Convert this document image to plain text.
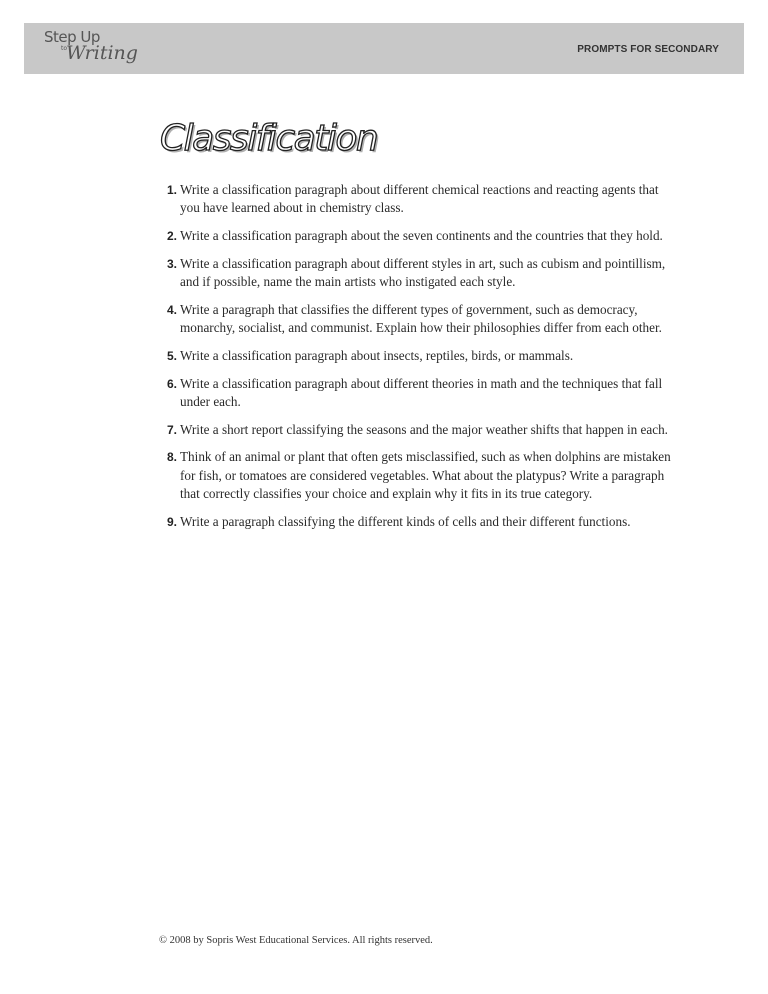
Step Up
to
Writing	PROMPTS FOR SECONDARY
Classification
1. Write a classification paragraph about different chemical reactions and reacting agents that you have learned about in chemistry class.
2. Write a classification paragraph about the seven continents and the countries that they hold.
3. Write a classification paragraph about different styles in art, such as cubism and pointillism, and if possible, name the main artists who instigated each style.
4. Write a paragraph that classifies the different types of government, such as democracy, monarchy, socialist, and communist. Explain how their philosophies differ from each other.
5. Write a classification paragraph about insects, reptiles, birds, or mammals.
6. Write a classification paragraph about different theories in math and the techniques that fall under each.
7. Write a short report classifying the seasons and the major weather shifts that happen in each.
8. Think of an animal or plant that often gets misclassified, such as when dolphins are mistaken for fish, or tomatoes are considered vegetables. What about the platypus? Write a paragraph that correctly classifies your choice and explain why it fits in its true category.
9. Write a paragraph classifying the different kinds of cells and their different functions.
© 2008 by Sopris West Educational Services. All rights reserved.
